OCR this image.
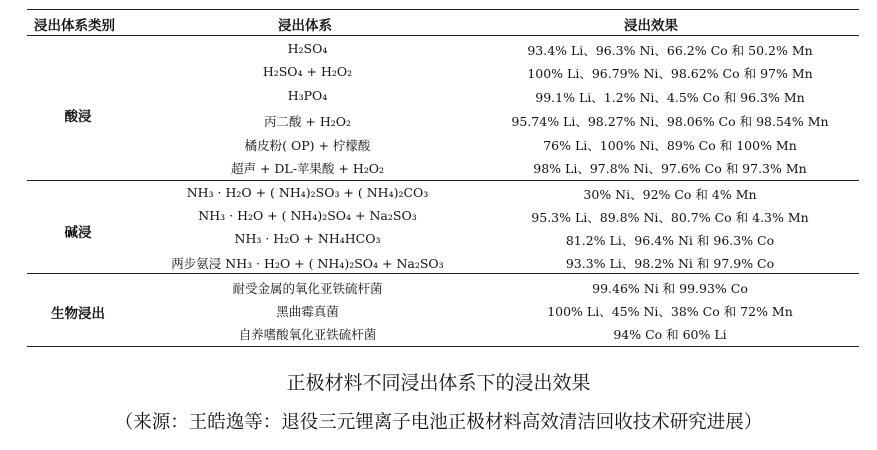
浸出体系类别	浸出体系	浸出效果
酸浸
H₂SO₄	93.4% Li、96.3% Ni、66.2% Co 和 50.2% Mn
H₂SO₄ + H₂O₂	100% Li、96.79% Ni、98.62% Co 和 97% Mn
H₃PO₄	99.1% Li、1.2% Ni、4.5% Co 和 96.3% Mn
丙二酸 + H₂O₂	95.74% Li、98.27% Ni、98.06% Co 和 98.54% Mn
橘皮粉( OP) + 柠檬酸	76% Li、100% Ni、89% Co 和 100% Mn
超声 + DL-苹果酸 + H₂O₂	98% Li、97.8% Ni、97.6% Co 和 97.3% Mn
碱浸
NH₃ · H₂O + ( NH₄)₂SO₃ + ( NH₄)₂CO₃	30% Ni、92% Co 和 4% Mn
NH₃ · H₂O + ( NH₄)₂SO₄ + Na₂SO₃	95.3% Li、89.8% Ni、80.7% Co 和 4.3% Mn
NH₃ · H₂O + NH₄HCO₃	81.2% Li、96.4% Ni 和 96.3% Co
两步氨浸 NH₃ · H₂O + ( NH₄)₂SO₄ + Na₂SO₃	93.3% Li、98.2% Ni 和 97.9% Co
生物浸出
耐受金属的氧化亚铁硫杆菌	99.46% Ni 和 99.93% Co
黑曲霉真菌	100% Li、45% Ni、38% Co 和 72% Mn
自养嗜酸氧化亚铁硫杆菌	94% Co 和 60% Li
正极材料不同浸出体系下的浸出效果
（来源：王皓逸等：退役三元锂离子电池正极材料高效清洁回收技术研究进展）
